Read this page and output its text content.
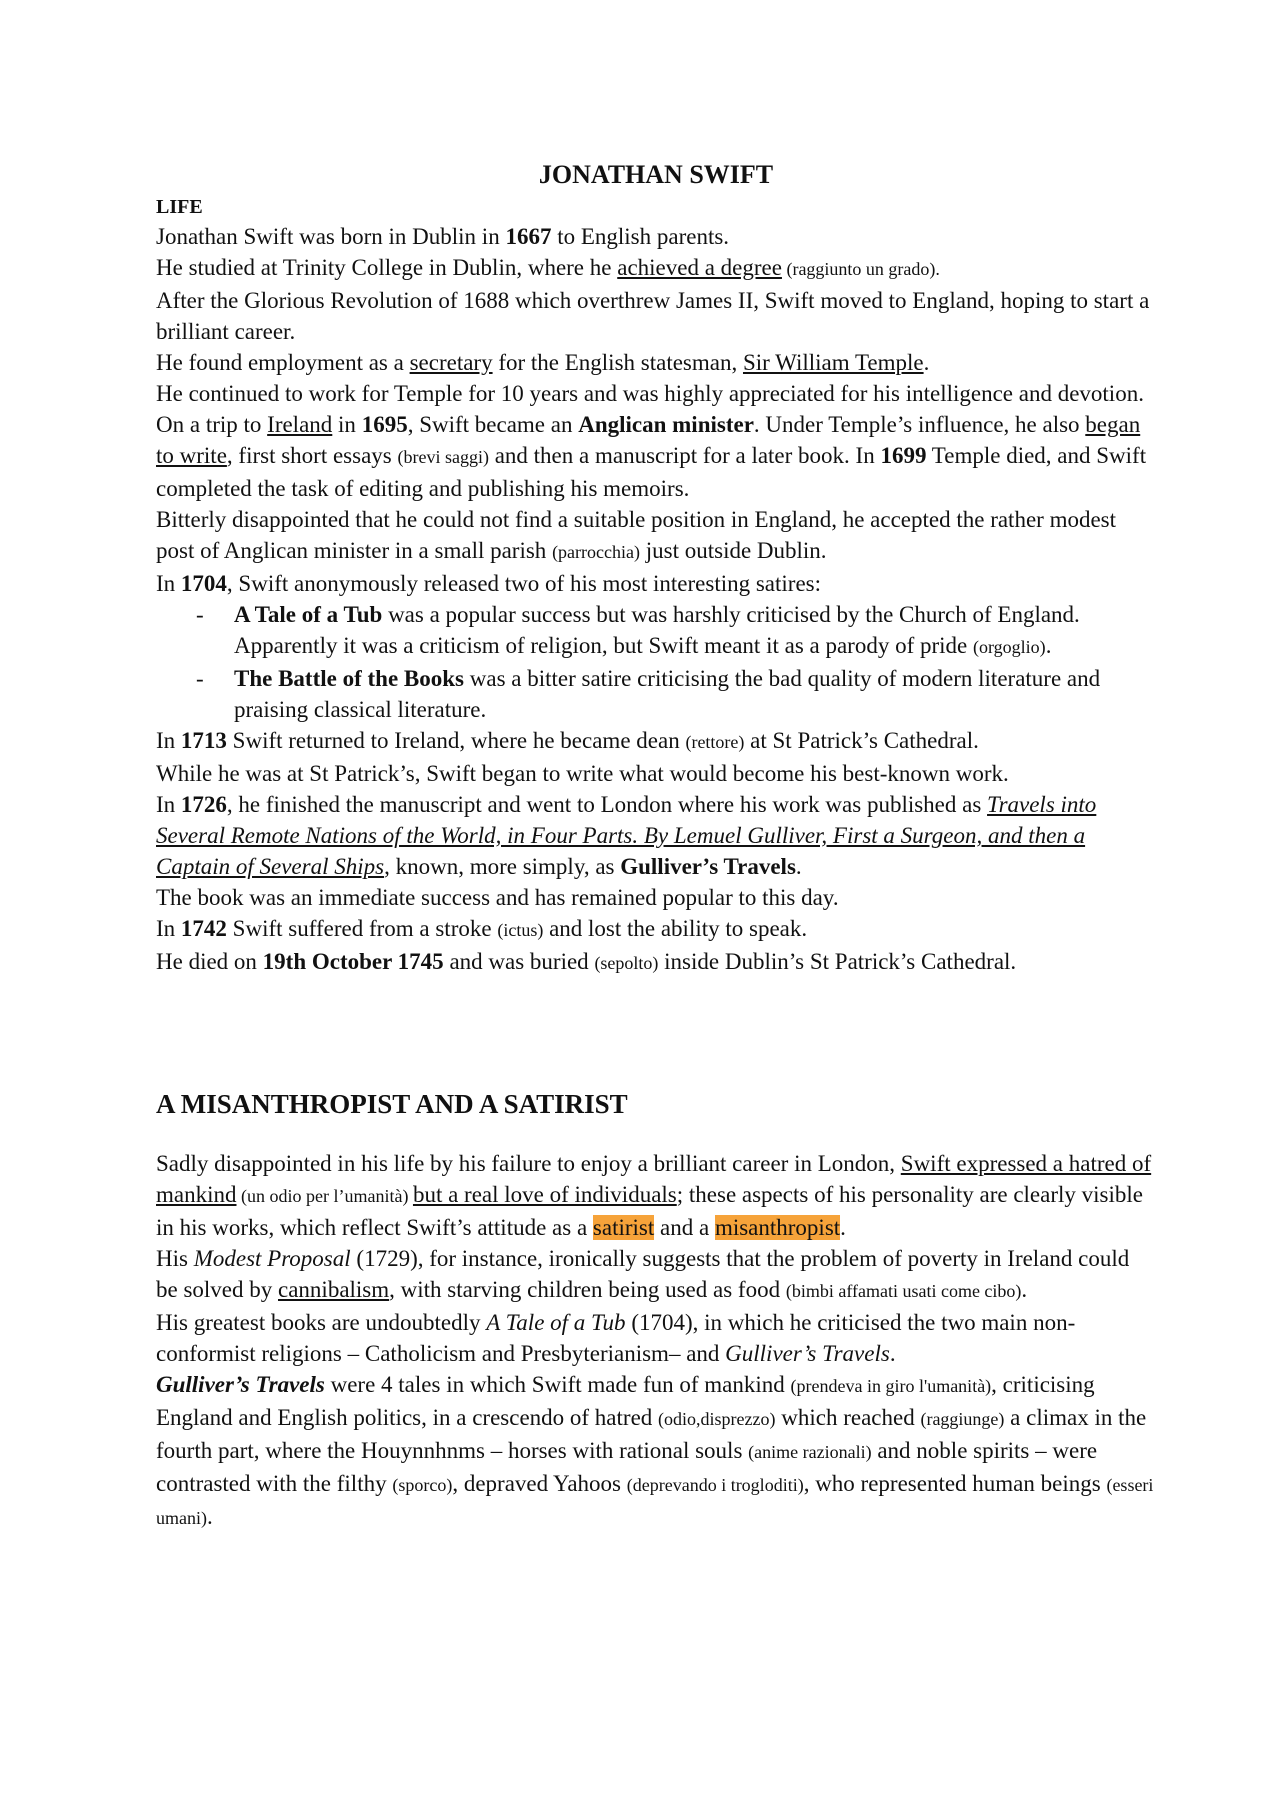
JONATHAN SWIFT

LIFE

Jonathan Swift was born in Dublin in 1667 to English parents.

He studied at Trinity College in Dublin, where he achieved a degree (raggiunto un grado).

After the Glorious Revolution of 1688 which overthrew James II, Swift moved to England, hoping to start a brilliant career.

He found employment as a secretary for the English statesman, Sir William Temple.

He continued to work for Temple for 10 years and was highly appreciated for his intelligence and devotion.

On a trip to Ireland in 1695, Swift became an Anglican minister. Under Temple’s influence, he also began to write, first short essays (brevi saggi) and then a manuscript for a later book. In 1699 Temple died, and Swift completed the task of editing and publishing his memoirs.

Bitterly disappointed that he could not find a suitable position in England, he accepted the rather modest post of Anglican minister in a small parish (parrocchia) just outside Dublin.

In 1704, Swift anonymously released two of his most interesting satires:

- A Tale of a Tub was a popular success but was harshly criticised by the Church of England. Apparently it was a criticism of religion, but Swift meant it as a parody of pride (orgoglio).
- The Battle of the Books was a bitter satire criticising the bad quality of modern literature and praising classical literature.

In 1713 Swift returned to Ireland, where he became dean (rettore) at St Patrick’s Cathedral.

While he was at St Patrick’s, Swift began to write what would become his best-known work.

In 1726, he finished the manuscript and went to London where his work was published as Travels into Several Remote Nations of the World, in Four Parts. By Lemuel Gulliver, First a Surgeon, and then a Captain of Several Ships, known, more simply, as Gulliver’s Travels.

The book was an immediate success and has remained popular to this day.

In 1742 Swift suffered from a stroke (ictus) and lost the ability to speak.

He died on 19th October 1745 and was buried (sepolto) inside Dublin’s St Patrick’s Cathedral.

A MISANTHROPIST AND A SATIRIST

Sadly disappointed in his life by his failure to enjoy a brilliant career in London, Swift expressed a hatred of mankind (un odio per l’umanità) but a real love of individuals; these aspects of his personality are clearly visible in his works, which reflect Swift’s attitude as a satirist and a misanthropist.

His Modest Proposal (1729), for instance, ironically suggests that the problem of poverty in Ireland could be solved by cannibalism, with starving children being used as food (bimbi affamati usati come cibo).

His greatest books are undoubtedly A Tale of a Tub (1704), in which he criticised the two main non-conformist religions – Catholicism and Presbyterianism– and Gulliver’s Travels.

Gulliver’s Travels were 4 tales in which Swift made fun of mankind (prendeva in giro l'umanità), criticising England and English politics, in a crescendo of hatred (odio,disprezzo) which reached (raggiunge) a climax in the fourth part, where the Houynnhnms – horses with rational souls (anime razionali) and noble spirits – were contrasted with the filthy (sporco), depraved Yahoos (deprevando i trogloditi), who represented human beings (esseri umani).
